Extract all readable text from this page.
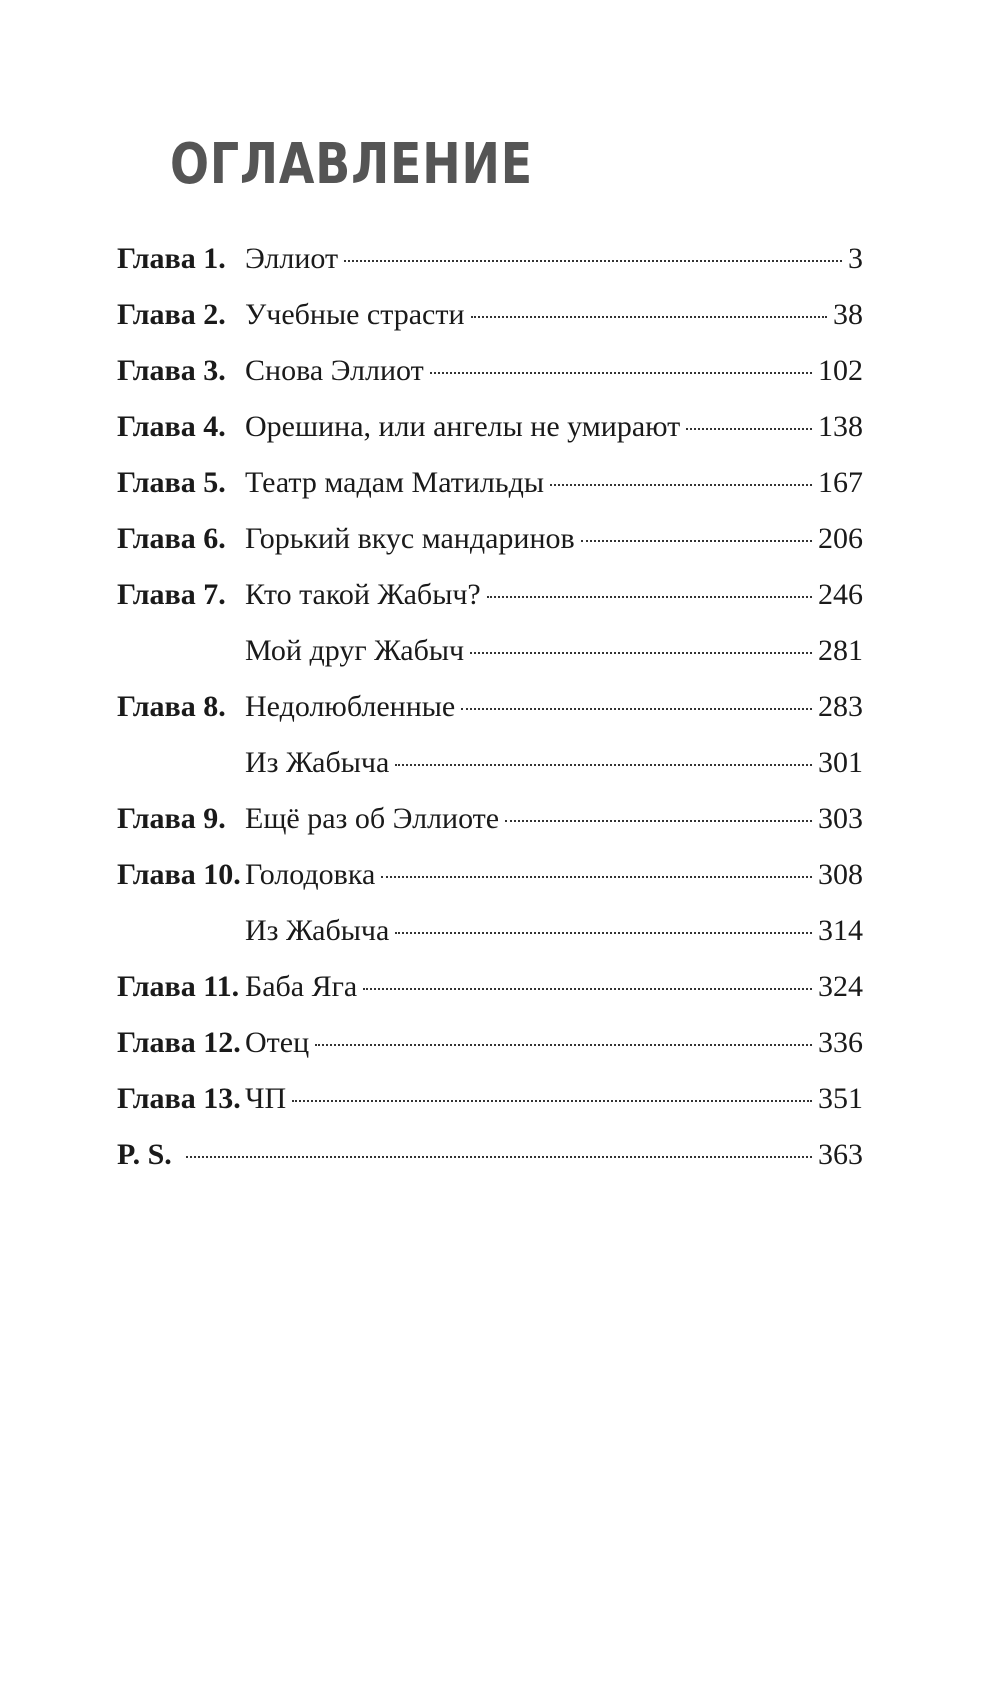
ОГЛАВЛЕНИЕ
Глава 1. Эллиот	3
Глава 2. Учебные страсти	38
Глава 3. Снова Эллиот	102
Глава 4. Орешина, или ангелы не умирают	138
Глава 5. Театр мадам Матильды	167
Глава 6. Горький вкус мандаринов	206
Глава 7. Кто такой Жабыч?	246
Мой друг Жабыч	281
Глава 8. Недолюбленные	283
Из Жабыча	301
Глава 9. Ещё раз об Эллиоте	303
Глава 10. Голодовка	308
Из Жабыча	314
Глава 11. Баба Яга	324
Глава 12. Отец	336
Глава 13. ЧП	351
P. S.	363
